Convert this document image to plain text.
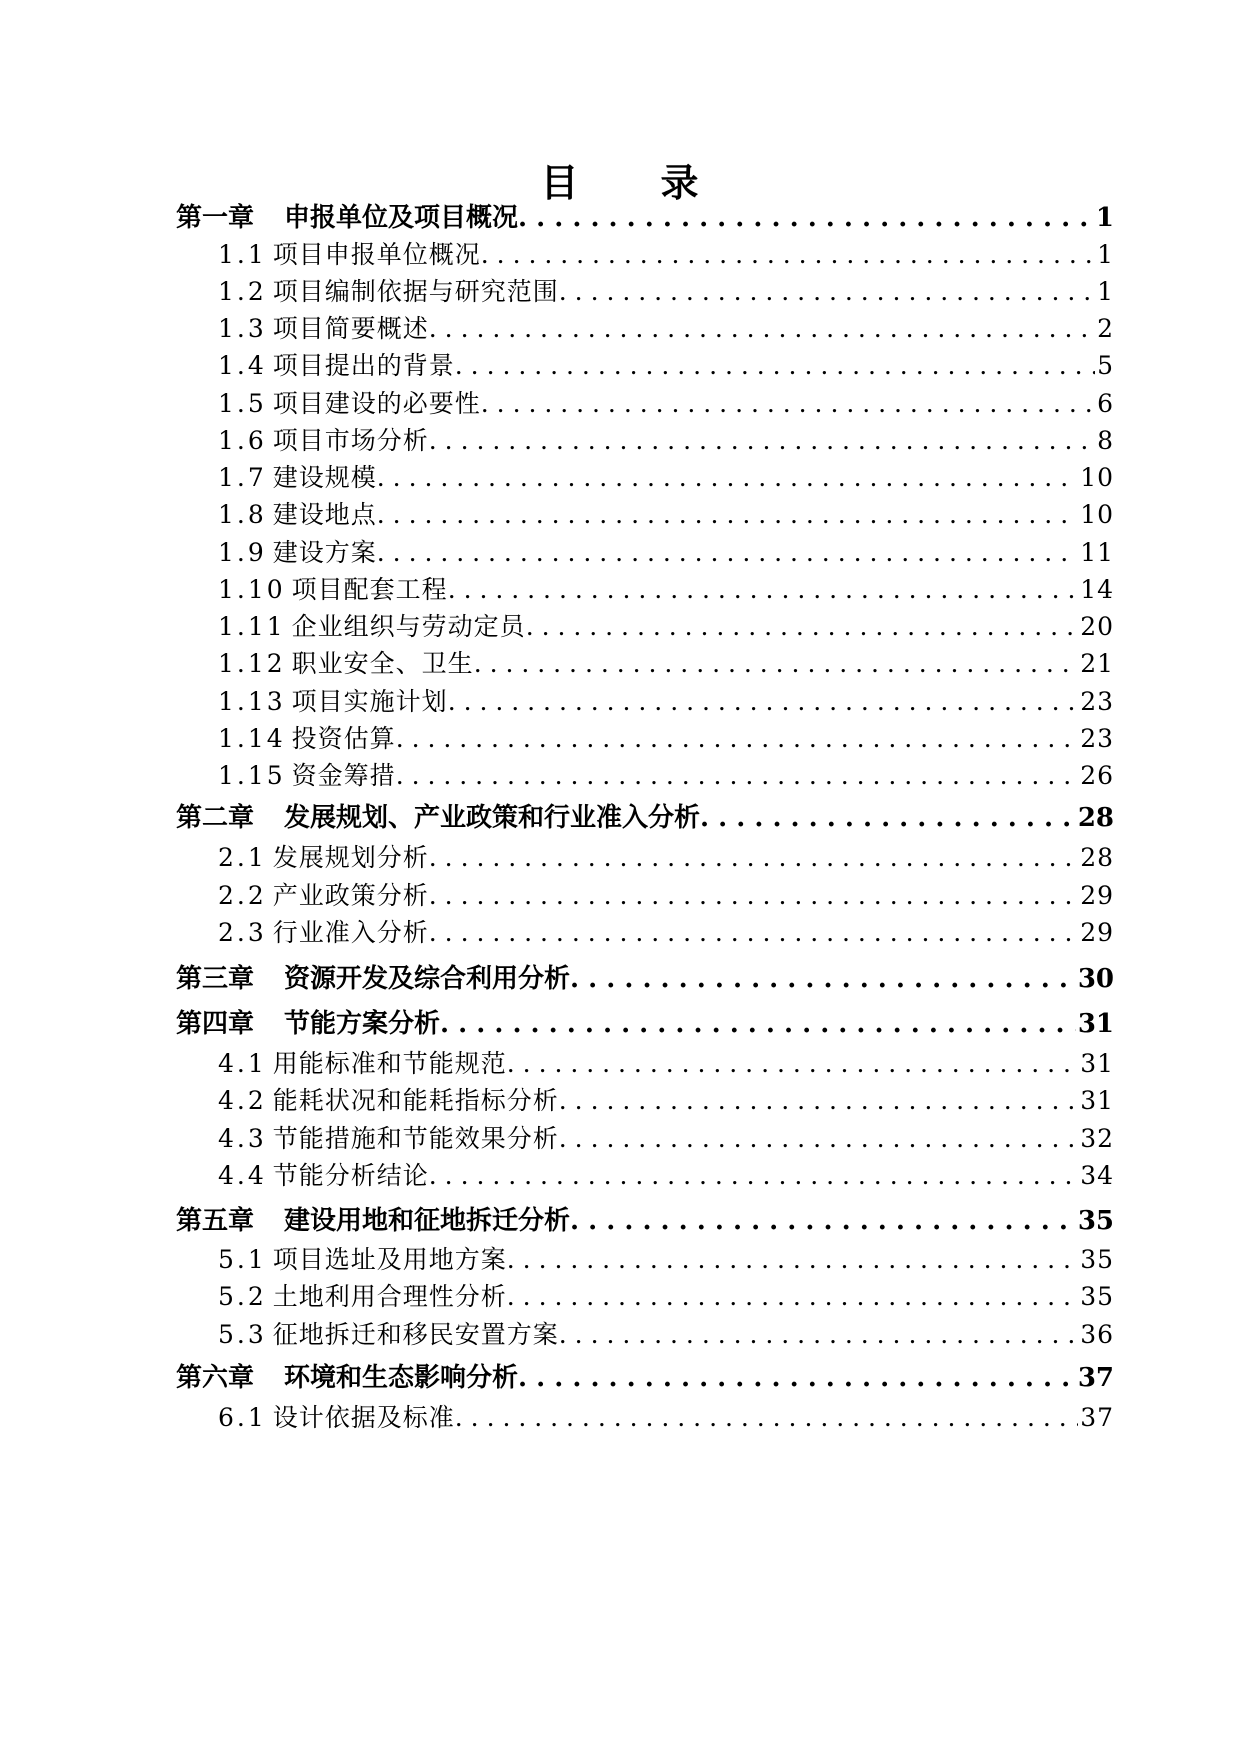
目　　录
第一章 申报单位及项目概况 . . .	1
1.1 项目申报单位概况 . . .	1
1.2 项目编制依据与研究范围 . . .	1
1.3 项目简要概述 . . .	2
1.4 项目提出的背景 . . .	5
1.5 项目建设的必要性 . . .	6
1.6 项目市场分析 . . .	8
1.7 建设规模 . . .	10
1.8 建设地点 . . .	10
1.9 建设方案 . . .	11
1.10 项目配套工程 . . .	14
1.11 企业组织与劳动定员 . . .	20
1.12 职业安全、卫生 . . .	21
1.13 项目实施计划 . . .	23
1.14 投资估算 . . .	23
1.15 资金筹措 . . .	26
第二章 发展规划、产业政策和行业准入分析 . . .	28
2.1 发展规划分析 . . .	28
2.2 产业政策分析 . . .	29
2.3 行业准入分析 . . .	29
第三章 资源开发及综合利用分析 . . .	30
第四章 节能方案分析 . . .	31
4.1 用能标准和节能规范 . . .	31
4.2 能耗状况和能耗指标分析 . . .	31
4.3 节能措施和节能效果分析 . . .	32
4.4 节能分析结论 . . .	34
第五章 建设用地和征地拆迁分析 . . .	35
5.1 项目选址及用地方案 . . .	35
5.2 土地利用合理性分析 . . .	35
5.3 征地拆迁和移民安置方案 . . .	36
第六章 环境和生态影响分析 . . .	37
6.1 设计依据及标准 . . .	37
